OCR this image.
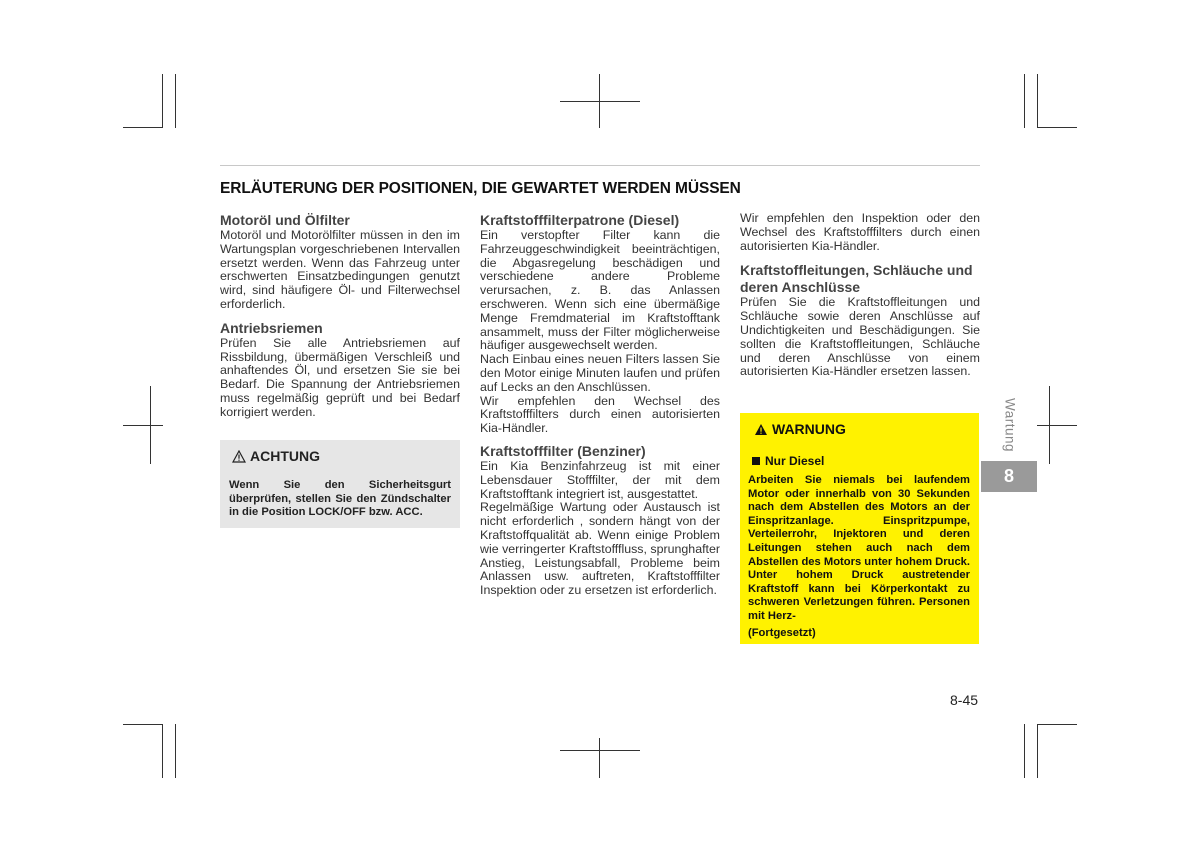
ERLÄUTERUNG DER POSITIONEN, DIE GEWARTET WERDEN MÜSSEN
Motoröl und Ölfilter

Motoröl und Motorölfilter müssen in den im Wartungsplan vorgeschriebenen Intervallen ersetzt werden. Wenn das Fahrzeug unter erschwerten Einsatzbedingungen genutzt wird, sind häufigere Öl- und Filterwechsel erforderlich.

Antriebsriemen

Prüfen Sie alle Antriebsriemen auf Rissbildung, übermäßigen Verschleiß und anhaftendes Öl, und ersetzen Sie sie bei Bedarf. Die Spannung der Antriebsriemen muss regelmäßig geprüft und bei Bedarf korrigiert werden.

ACHTUNG
Wenn Sie den Sicherheitsgurt überprüfen, stellen Sie den Zündschalter in die Position LOCK/OFF bzw. ACC.
Kraftstofffilterpatrone (Diesel)

Ein verstopfter Filter kann die Fahrzeuggeschwindigkeit beeinträchtigen, die Abgasregelung beschädigen und verschiedene andere Probleme verursachen, z. B. das Anlassen erschweren. Wenn sich eine übermäßige Menge Fremdmaterial im Kraftstofftank ansammelt, muss der Filter möglicherweise häufiger ausgewechselt werden.

Nach Einbau eines neuen Filters lassen Sie den Motor einige Minuten laufen und prüfen auf Lecks an den Anschlüssen.

Wir empfehlen den Wechsel des Kraftstofffilters durch einen autorisierten Kia-Händler.

Kraftstofffilter (Benziner)

Ein Kia Benzinfahrzeug ist mit einer Lebensdauer Stofffilter, der mit dem Kraftstofftank integriert ist, ausgestattet.

Regelmäßige Wartung oder Austausch ist nicht erforderlich , sondern hängt von der Kraftstoffqualität ab. Wenn einige Problem wie verringerter Kraftstofffluss, sprunghafter Anstieg, Leistungsabfall, Probleme beim Anlassen usw. auftreten, Kraftstofffilter Inspektion oder zu ersetzen ist erforderlich.

Wir empfehlen den Inspektion oder den Wechsel des Kraftstofffilters durch einen autorisierten Kia-Händler.

Kraftstoffleitungen, Schläuche und deren Anschlüsse

Prüfen Sie die Kraftstoffleitungen und Schläuche sowie deren Anschlüsse auf Undichtigkeiten und Beschädigungen. Sie sollten die Kraftstoffleitungen, Schläuche und deren Anschlüsse von einem autorisierten Kia-Händler ersetzen lassen.

WARNUNG
Nur Diesel
Arbeiten Sie niemals bei laufendem Motor oder innerhalb von 30 Sekunden nach dem Abstellen des Motors an der Einspritzanlage. Einspritzpumpe, Verteilerrohr, Injektoren und deren Leitungen stehen auch nach dem Abstellen des Motors unter hohem Druck. Unter hohem Druck austretender Kraftstoff kann bei Körperkontakt zu schweren Verletzungen führen. Personen mit Herz-
(Fortgesetzt)
Wartung
8
8-45
